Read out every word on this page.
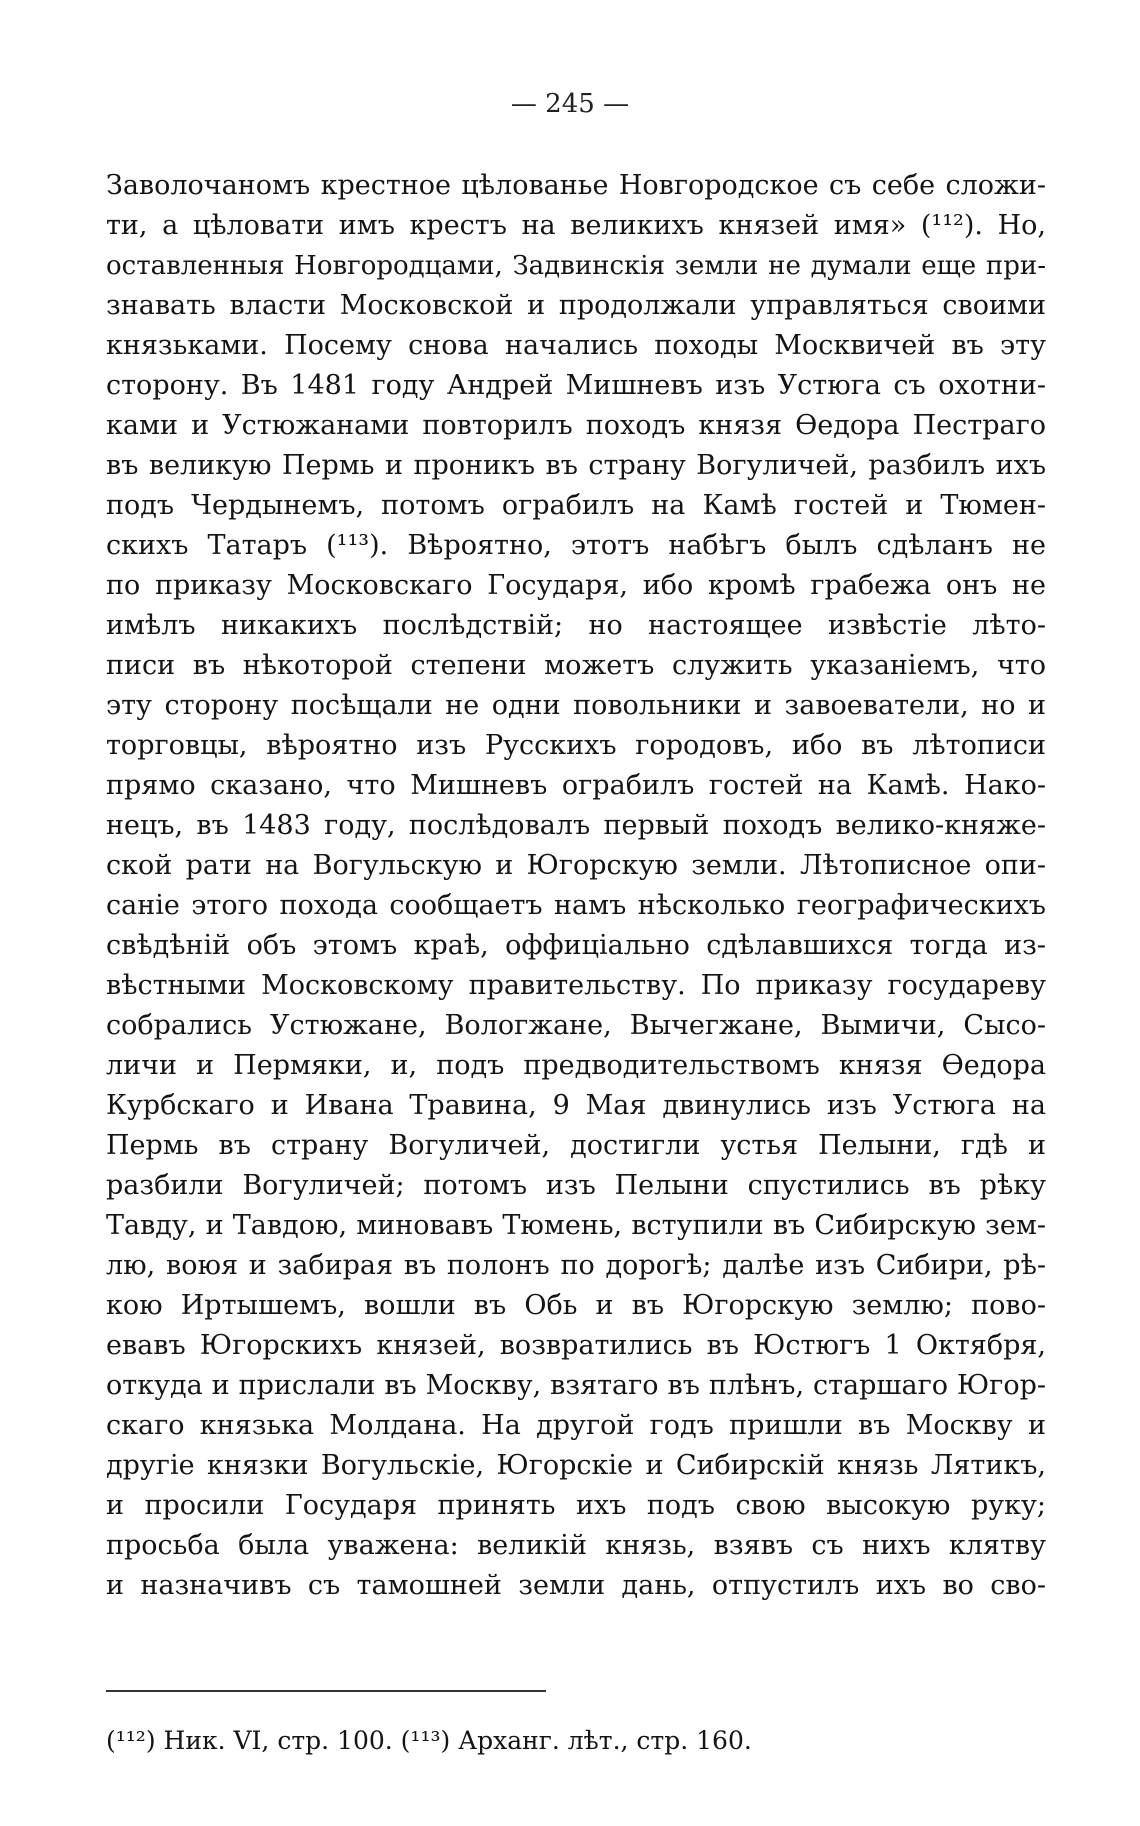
— 245 —
Заволочаномъ крестное цѣлованье Новгородское съ себе сложи-
ти, а цѣловати имъ крестъ на великихъ князей имя» (¹¹²). Но,
оставленныя Новгородцами, Задвинскія земли не думали еще при-
знавать власти Московской и продолжали управляться своими
князьками. Посему снова начались походы Москвичей въ эту
сторону. Въ 1481 году Андрей Мишневъ изъ Устюга съ охотни-
ками и Устюжанами повторилъ походъ князя Ѳедора Пестраго
въ великую Пермь и проникъ въ страну Вогуличей, разбилъ ихъ
подъ Чердынемъ, потомъ ограбилъ на Камѣ гостей и Тюмен-
скихъ Татаръ (¹¹³). Вѣроятно, этотъ набѣгъ былъ сдѣланъ не
по приказу Московскаго Государя, ибо кромѣ грабежа онъ не
имѣлъ никакихъ послѣдствій; но настоящее извѣстіе лѣто-
писи въ нѣкоторой степени можетъ служить указаніемъ, что
эту сторону посѣщали не одни повольники и завоеватели, но и
торговцы, вѣроятно изъ Русскихъ городовъ, ибо въ лѣтописи
прямо сказано, что Мишневъ ограбилъ гостей на Камѣ. Нако-
нецъ, въ 1483 году, послѣдовалъ первый походъ велико-княже-
ской рати на Вогульскую и Югорскую земли. Лѣтописное опи-
саніе этого похода сообщаетъ намъ нѣсколько географическихъ
свѣдѣній объ этомъ краѣ, оффиціально сдѣлавшихся тогда из-
вѣстными Московскому правительству. По приказу государеву
собрались Устюжане, Вологжане, Вычегжане, Вымичи, Сысо-
личи и Пермяки, и, подъ предводительствомъ князя Ѳедора
Курбскаго и Ивана Травина, 9 Мая двинулись изъ Устюга на
Пермь въ страну Вогуличей, достигли устья Пелыни, гдѣ и
разбили Вогуличей; потомъ изъ Пелыни спустились въ рѣку
Тавду, и Тавдою, миновавъ Тюмень, вступили въ Сибирскую зем-
лю, воюя и забирая въ полонъ по дорогѣ; далѣе изъ Сибири, рѣ-
кою Иртышемъ, вошли въ Обь и въ Югорскую землю; пово-
евавъ Югорскихъ князей, возвратились въ Юстюгъ 1 Октября,
откуда и прислали въ Москву, взятаго въ плѣнъ, старшаго Югор-
скаго князька Молдана. На другой годъ пришли въ Москву и
другіе князки Вогульскіе, Югорскіе и Сибирскій князь Лятикъ,
и просили Государя принять ихъ подъ свою высокую руку;
просьба была уважена: великій князь, взявъ съ нихъ клятву
и назначивъ съ тамошней земли дань, отпустилъ ихъ во сво-
(¹¹²) Ник. VI, стр. 100. (¹¹³) Арханг. лѣт., стр. 160.
